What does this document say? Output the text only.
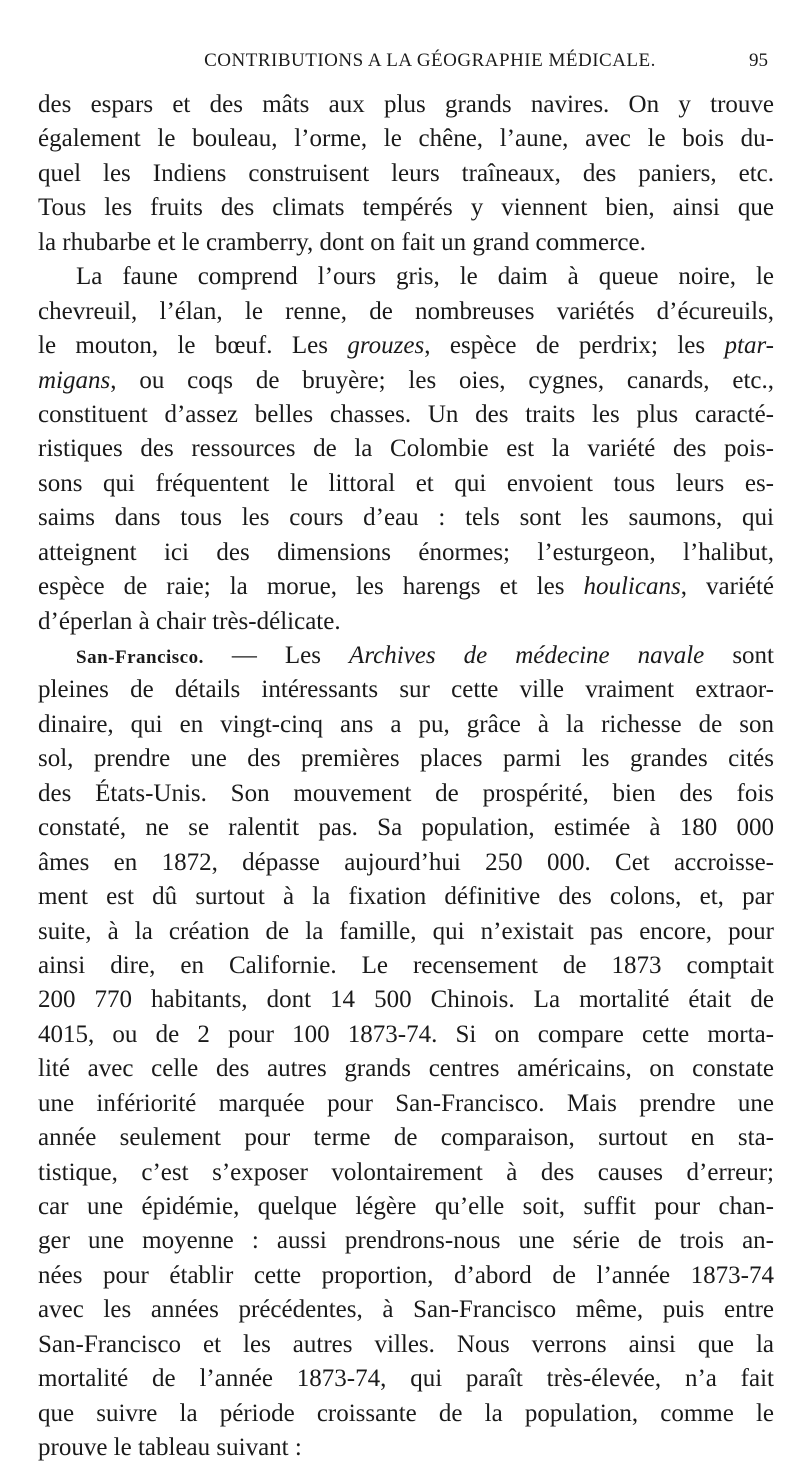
CONTRIBUTIONS A LA GÉOGRAPHIE MÉDICALE.	95
des espars et des mâts aux plus grands navires. On y trouve
également le bouleau, l’orme, le chêne, l’aune, avec le bois du-
quel les Indiens construisent leurs traîneaux, des paniers, etc.
Tous les fruits des climats tempérés y viennent bien, ainsi que
la rhubarbe et le cramberry, dont on fait un grand commerce.
La faune comprend l’ours gris, le daim à queue noire, le
chevreuil, l’élan, le renne, de nombreuses variétés d’écureuils,
le mouton, le bœuf. Les grouzes, espèce de perdrix; les ptar-
migans, ou coqs de bruyère; les oies, cygnes, canards, etc.,
constituent d’assez belles chasses. Un des traits les plus caracté-
ristiques des ressources de la Colombie est la variété des pois-
sons qui fréquentent le littoral et qui envoient tous leurs es-
saims dans tous les cours d’eau : tels sont les saumons, qui
atteignent ici des dimensions énormes; l’esturgeon, l’halibut,
espèce de raie; la morue, les harengs et les houlicans, variété
d’éperlan à chair très-délicate.
San-Francisco. — Les Archives de médecine navale sont
pleines de détails intéressants sur cette ville vraiment extraor-
dinaire, qui en vingt-cinq ans a pu, grâce à la richesse de son
sol, prendre une des premières places parmi les grandes cités
des États-Unis. Son mouvement de prospérité, bien des fois
constaté, ne se ralentit pas. Sa population, estimée à 180 000
âmes en 1872, dépasse aujourd’hui 250 000. Cet accroisse-
ment est dû surtout à la fixation définitive des colons, et, par
suite, à la création de la famille, qui n’existait pas encore, pour
ainsi dire, en Californie. Le recensement de 1873 comptait
200 770 habitants, dont 14 500 Chinois. La mortalité était de
4015, ou de 2 pour 100 1873-74. Si on compare cette morta-
lité avec celle des autres grands centres américains, on constate
une infériorité marquée pour San-Francisco. Mais prendre une
année seulement pour terme de comparaison, surtout en sta-
tistique, c’est s’exposer volontairement à des causes d’erreur;
car une épidémie, quelque légère qu’elle soit, suffit pour chan-
ger une moyenne : aussi prendrons-nous une série de trois an-
nées pour établir cette proportion, d’abord de l’année 1873-74
avec les années précédentes, à San-Francisco même, puis entre
San-Francisco et les autres villes. Nous verrons ainsi que la
mortalité de l’année 1873-74, qui paraît très-élevée, n’a fait
que suivre la période croissante de la population, comme le
prouve le tableau suivant :
